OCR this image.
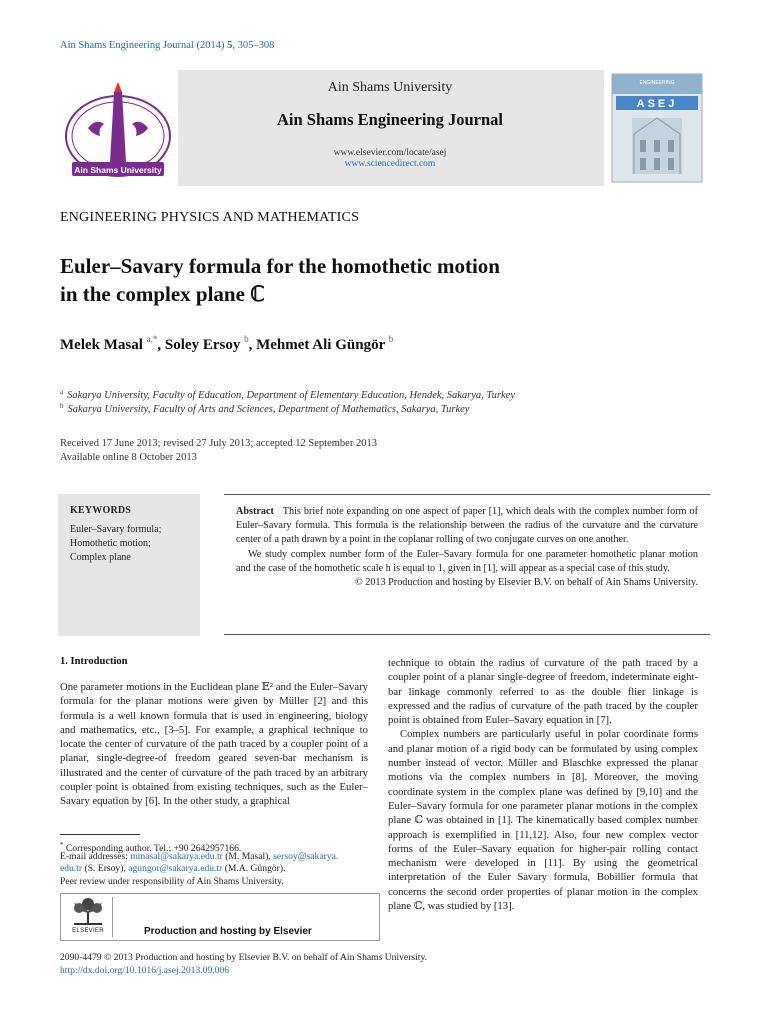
Ain Shams Engineering Journal (2014) 5, 305–308
Ain Shams University
Ain Shams University
Ain Shams Engineering Journal
www.elsevier.com/locate/asej
www.sciencedirect.com
ENGINEERING
ASEJ
ENGINEERING PHYSICS AND MATHEMATICS
Euler–Savary formula for the homothetic motion
in the complex plane ℂ
Melek Masal $^{a,*}$, Soley Ersoy $^b$, Mehmet Ali Güngör $^b$
$^a$ Sakarya University, Faculty of Education, Department of Elementary Education, Hendek, Sakarya, Turkey
$^b$ Sakarya University, Faculty of Arts and Sciences, Department of Mathematics, Sakarya, Turkey
Received 17 June 2013; revised 27 July 2013; accepted 12 September 2013
Available online 8 October 2013
KEYWORDS
Euler–Savary formula;
Homothetic motion;
Complex plane

Abstract This brief note expanding on one aspect of paper [1], which deals with the complex number form of Euler–Savary formula. This formula is the relationship between the radius of the curvature and the curvature center of a path drawn by a point in the coplanar rolling of two conjugate curves on one another.

We study complex number form of the Euler–Savary formula for one parameter homothetic planar motion and the case of the homothetic scale h is equal to 1, given in [1], will appear as a special case of this study.

© 2013 Production and hosting by Elsevier B.V. on behalf of Ain Shams University.

1. Introduction

One parameter motions in the Euclidean plane 𝔼² and the Euler–Savary formula for the planar motions were given by Müller [2] and this formula is a well known formula that is used in engineering, biology and mathematics, etc., [3–5]. For example, a graphical technique to locate the center of curvature of the path traced by a coupler point of a planar, single-degree-of freedom geared seven-bar mechanism is illustrated and the center of curvature of the path traced by an arbitrary coupler point is obtained from existing techniques, such as the Euler–Savary equation by [6]. In the other study, a graphical

technique to obtain the radius of curvature of the path traced by a coupler point of a planar single-degree of freedom, indeterminate eight-bar linkage commonly referred to as the double flier linkage is expressed and the radius of curvature of the path traced by the coupler point is obtained from Euler–Savary equation in [7].

Complex numbers are particularly useful in polar coordinate forms and planar motion of a rigid body can be formulated by using complex number instead of vector. Müller and Blaschke expressed the planar motions via the complex numbers in [8]. Moreover, the moving coordinate system in the complex plane was defined by [9,10] and the Euler–Savary formula for one parameter planar motions in the complex plane ℂ was obtained in [1]. The kinematically based complex number approach is exemplified in [11,12]. Also, four new complex vector forms of the Euler–Savary equation for higher-pair rolling contact mechanism were developed in [11]. By using the geometrical interpretation of the Euler Savary formula, Bobillier formula that concerns the second order properties of planar motion in the complex plane ℂ, was studied by [13].

* Corresponding author. Tel.: +90 2642957166.
E-mail addresses: mmasal@sakarya.edu.tr (M. Masal), sersoy@sakarya.
edu.tr (S. Ersoy), agungor@sakarya.edu.tr (M.A. Güngör).
Peer review under responsibility of Ain Shams University.
ELSEVIER	Production and hosting by Elsevier
2090-4479 © 2013 Production and hosting by Elsevier B.V. on behalf of Ain Shams University.
http://dx.doi.org/10.1016/j.asej.2013.09.006
